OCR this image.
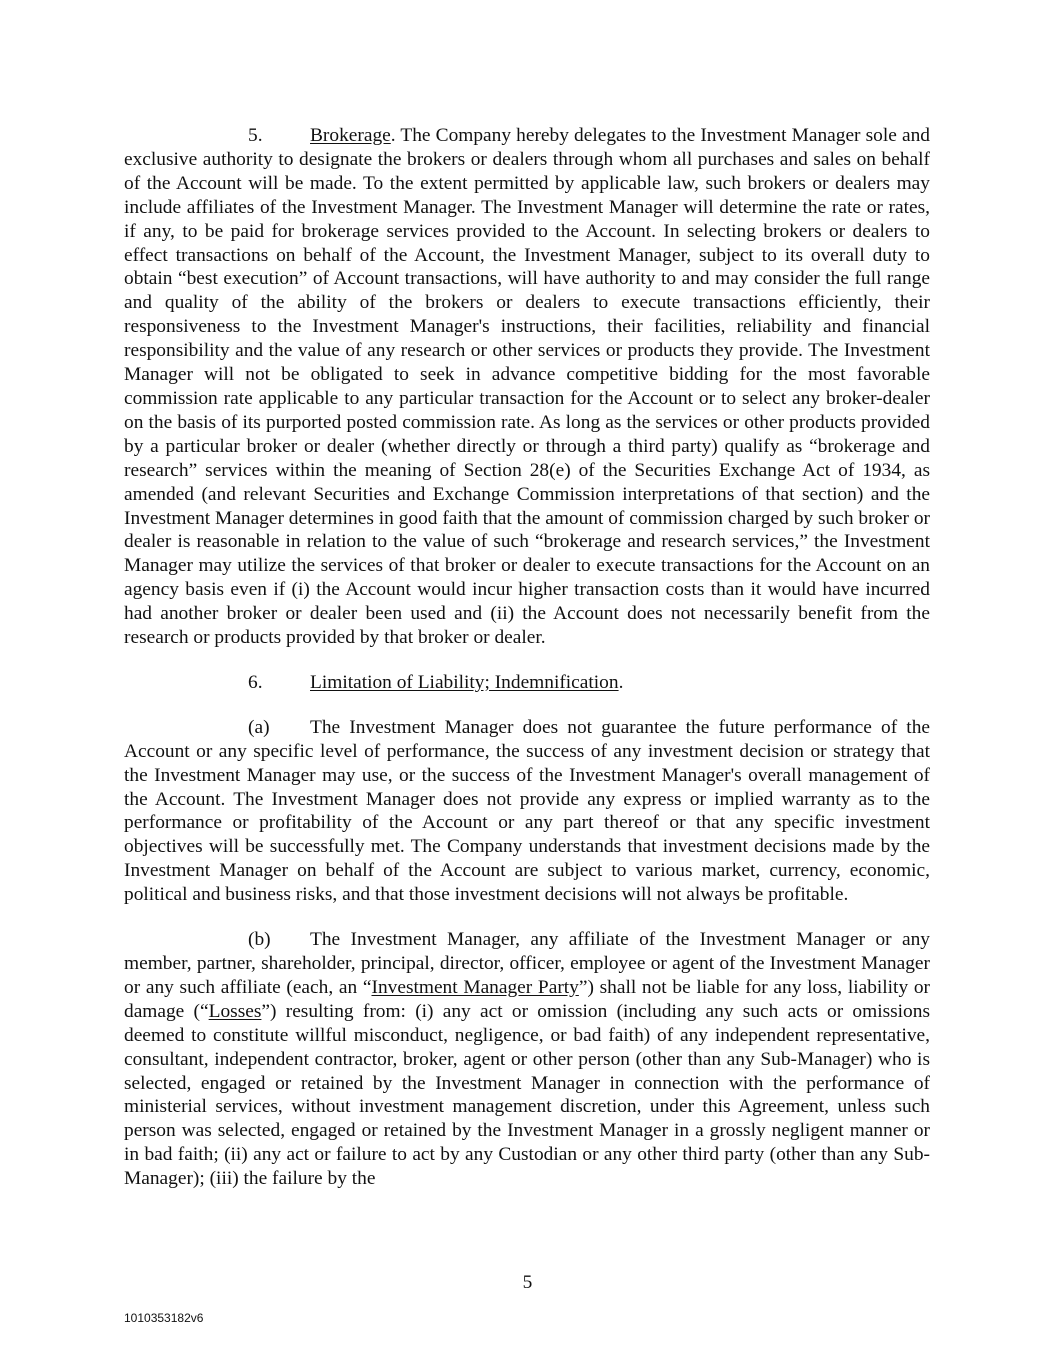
5. Brokerage. The Company hereby delegates to the Investment Manager sole and exclusive authority to designate the brokers or dealers through whom all purchases and sales on behalf of the Account will be made. To the extent permitted by applicable law, such brokers or dealers may include affiliates of the Investment Manager. The Investment Manager will determine the rate or rates, if any, to be paid for brokerage services provided to the Account. In selecting brokers or dealers to effect transactions on behalf of the Account, the Investment Manager, subject to its overall duty to obtain “best execution” of Account transactions, will have authority to and may consider the full range and quality of the ability of the brokers or dealers to execute transactions efficiently, their responsiveness to the Investment Manager's instructions, their facilities, reliability and financial responsibility and the value of any research or other services or products they provide. The Investment Manager will not be obligated to seek in advance competitive bidding for the most favorable commission rate applicable to any particular transaction for the Account or to select any broker-dealer on the basis of its purported posted commission rate. As long as the services or other products provided by a particular broker or dealer (whether directly or through a third party) qualify as “brokerage and research” services within the meaning of Section 28(e) of the Securities Exchange Act of 1934, as amended (and relevant Securities and Exchange Commission interpretations of that section) and the Investment Manager determines in good faith that the amount of commission charged by such broker or dealer is reasonable in relation to the value of such “brokerage and research services,” the Investment Manager may utilize the services of that broker or dealer to execute transactions for the Account on an agency basis even if (i) the Account would incur higher transaction costs than it would have incurred had another broker or dealer been used and (ii) the Account does not necessarily benefit from the research or products provided by that broker or dealer.

6. Limitation of Liability; Indemnification.

(a) The Investment Manager does not guarantee the future performance of the Account or any specific level of performance, the success of any investment decision or strategy that the Investment Manager may use, or the success of the Investment Manager's overall management of the Account. The Investment Manager does not provide any express or implied warranty as to the performance or profitability of the Account or any part thereof or that any specific investment objectives will be successfully met. The Company understands that investment decisions made by the Investment Manager on behalf of the Account are subject to various market, currency, economic, political and business risks, and that those investment decisions will not always be profitable.

(b) The Investment Manager, any affiliate of the Investment Manager or any member, partner, shareholder, principal, director, officer, employee or agent of the Investment Manager or any such affiliate (each, an “Investment Manager Party”) shall not be liable for any loss, liability or damage (“Losses”) resulting from: (i) any act or omission (including any such acts or omissions deemed to constitute willful misconduct, negligence, or bad faith) of any independent representative, consultant, independent contractor, broker, agent or other person (other than any Sub-Manager) who is selected, engaged or retained by the Investment Manager in connection with the performance of ministerial services, without investment management discretion, under this Agreement, unless such person was selected, engaged or retained by the Investment Manager in a grossly negligent manner or in bad faith; (ii) any act or failure to act by any Custodian or any other third party (other than any Sub-Manager); (iii) the failure by the

5
1010353182v6
